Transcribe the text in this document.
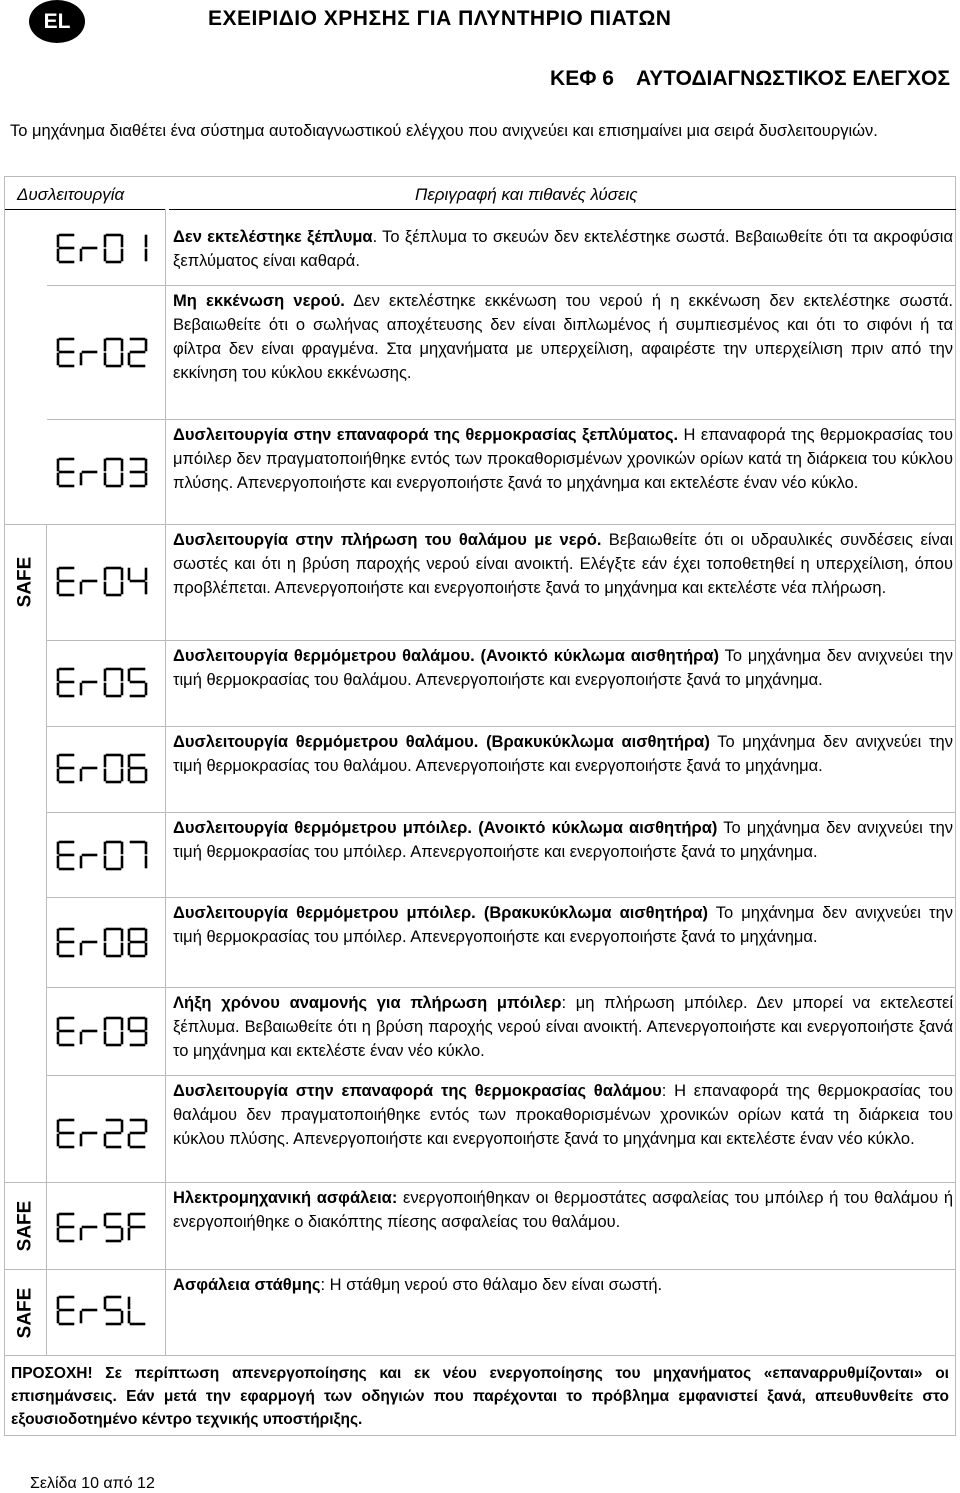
EL	ΕΧΕΙΡΙΔΙΟ ΧΡΗΣΗΣ ΓΙΑ ΠΛΥΝΤΗΡΙΟ ΠΙΑΤΩΝ
ΚΕΦ 6 ΑΥΤΟΔΙΑΓΝΩΣΤΙΚΟΣ ΕΛΕΓΧΟΣ
Το μηχάνημα διαθέτει ένα σύστημα αυτοδιαγνωστικού ελέγχου που ανιχνεύει και επισημαίνει μια σειρά δυσλειτουργιών.
Δυσλειτουργία	Περιγραφή και πιθανές λύσεις
Δεν εκτελέστηκε ξέπλυμα. Το ξέπλυμα το σκευών δεν εκτελέστηκε σωστά. Βεβαιωθείτε ότι τα ακροφύσια ξεπλύματος είναι καθαρά.
Μη εκκένωση νερού. Δεν εκτελέστηκε εκκένωση του νερού ή η εκκένωση δεν εκτελέστηκε σωστά. Βεβαιωθείτε ότι ο σωλήνας αποχέτευσης δεν είναι διπλωμένος ή συμπιεσμένος και ότι το σιφόνι ή τα φίλτρα δεν είναι φραγμένα. Στα μηχανήματα με υπερχείλιση, αφαιρέστε την υπερχείλιση πριν από την εκκίνηση του κύκλου εκκένωσης.
Δυσλειτουργία στην επαναφορά της θερμοκρασίας ξεπλύματος. Η επαναφορά της θερμοκρασίας του μπόιλερ δεν πραγματοποιήθηκε εντός των προκαθορισμένων χρονικών ορίων κατά τη διάρκεια του κύκλου πλύσης. Απενεργοποιήστε και ενεργοποιήστε ξανά το μηχάνημα και εκτελέστε έναν νέο κύκλο.
Δυσλειτουργία στην πλήρωση του θαλάμου με νερό. Βεβαιωθείτε ότι οι υδραυλικές συνδέσεις είναι σωστές και ότι η βρύση παροχής νερού είναι ανοικτή. Ελέγξτε εάν έχει τοποθετηθεί η υπερχείλιση, όπου προβλέπεται. Απενεργοποιήστε και ενεργοποιήστε ξανά το μηχάνημα και εκτελέστε νέα πλήρωση.
Δυσλειτουργία θερμόμετρου θαλάμου. (Ανοικτό κύκλωμα αισθητήρα) Το μηχάνημα δεν ανιχνεύει την τιμή θερμοκρασίας του θαλάμου. Απενεργοποιήστε και ενεργοποιήστε ξανά το μηχάνημα.
Δυσλειτουργία θερμόμετρου θαλάμου. (Βρακυκύκλωμα αισθητήρα) Το μηχάνημα δεν ανιχνεύει την τιμή θερμοκρασίας του θαλάμου. Απενεργοποιήστε και ενεργοποιήστε ξανά το μηχάνημα.
Δυσλειτουργία θερμόμετρου μπόιλερ. (Ανοικτό κύκλωμα αισθητήρα) Το μηχάνημα δεν ανιχνεύει την τιμή θερμοκρασίας του μπόιλερ. Απενεργοποιήστε και ενεργοποιήστε ξανά το μηχάνημα.
Δυσλειτουργία θερμόμετρου μπόιλερ. (Βρακυκύκλωμα αισθητήρα) Το μηχάνημα δεν ανιχνεύει την τιμή θερμοκρασίας του μπόιλερ. Απενεργοποιήστε και ενεργοποιήστε ξανά το μηχάνημα.
Λήξη χρόνου αναμονής για πλήρωση μπόιλερ: μη πλήρωση μπόιλερ. Δεν μπορεί να εκτελεστεί ξέπλυμα. Βεβαιωθείτε ότι η βρύση παροχής νερού είναι ανοικτή. Απενεργοποιήστε και ενεργοποιήστε ξανά το μηχάνημα και εκτελέστε έναν νέο κύκλο.
Δυσλειτουργία στην επαναφορά της θερμοκρασίας θαλάμου: Η επαναφορά της θερμοκρασίας του θαλάμου δεν πραγματοποιήθηκε εντός των προκαθορισμένων χρονικών ορίων κατά τη διάρκεια του κύκλου πλύσης. Απενεργοποιήστε και ενεργοποιήστε ξανά το μηχάνημα και εκτελέστε έναν νέο κύκλο.
Ηλεκτρομηχανική ασφάλεια: ενεργοποιήθηκαν οι θερμοστάτες ασφαλείας του μπόιλερ ή του θαλάμου ή ενεργοποιήθηκε ο διακόπτης πίεσης ασφαλείας του θαλάμου.
Ασφάλεια στάθμης: Η στάθμη νερού στο θάλαμο δεν είναι σωστή.
SAFE
SAFE
SAFE
ΠΡΟΣΟΧΗ! Σε περίπτωση απενεργοποίησης και εκ νέου ενεργοποίησης του μηχανήματος «επαναρρυθμίζονται» οι επισημάνσεις. Εάν μετά την εφαρμογή των οδηγιών που παρέχονται το πρόβλημα εμφανιστεί ξανά, απευθυνθείτε στο εξουσιοδοτημένο κέντρο τεχνικής υποστήριξης.
Σελίδα 10 από 12
